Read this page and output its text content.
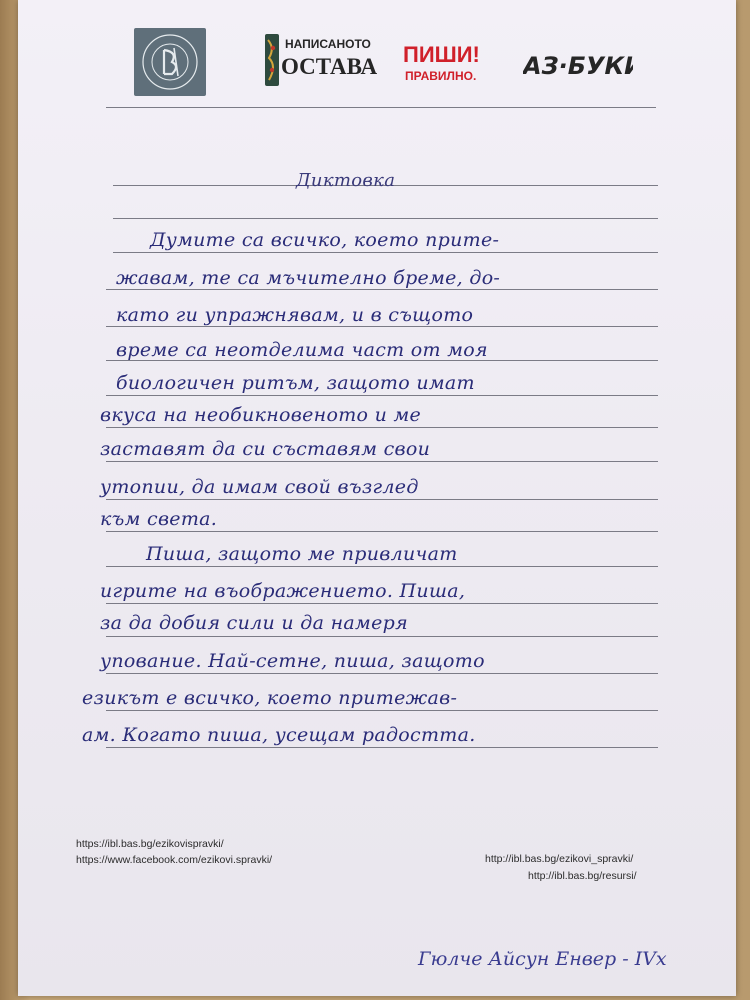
НАПИСАНОТО
ОСТАВА ПИШИ!
ПРАВИЛНО. АЗ·БУКИ

Диктовка

Думите са всичко, което прите-

жавам, те са мъчително бреме, до-

като ги упражнявам, и в същото

време са неотделима част от моя

биологичен ритъм, защото имат

вкуса на необикновеното и ме

заставят да си съставям свои

утопии, да имам свой възглед

към света.

Пиша, защото ме привличат

игрите на въображението. Пиша,

за да добия сили и да намеря

упование. Най-сетне, пиша, защото

езикът е всичко, което притежав-

ам. Когато пиша, усещам радостта.

https://ibl.bas.bg/ezikovispravki/

https://www.facebook.com/ezikovi.spravki/	http://ibl.bas.bg/ezikovi_spravki/

http://ibl.bas.bg/resursi/

Гюлче Айсун Енвер - IVх
